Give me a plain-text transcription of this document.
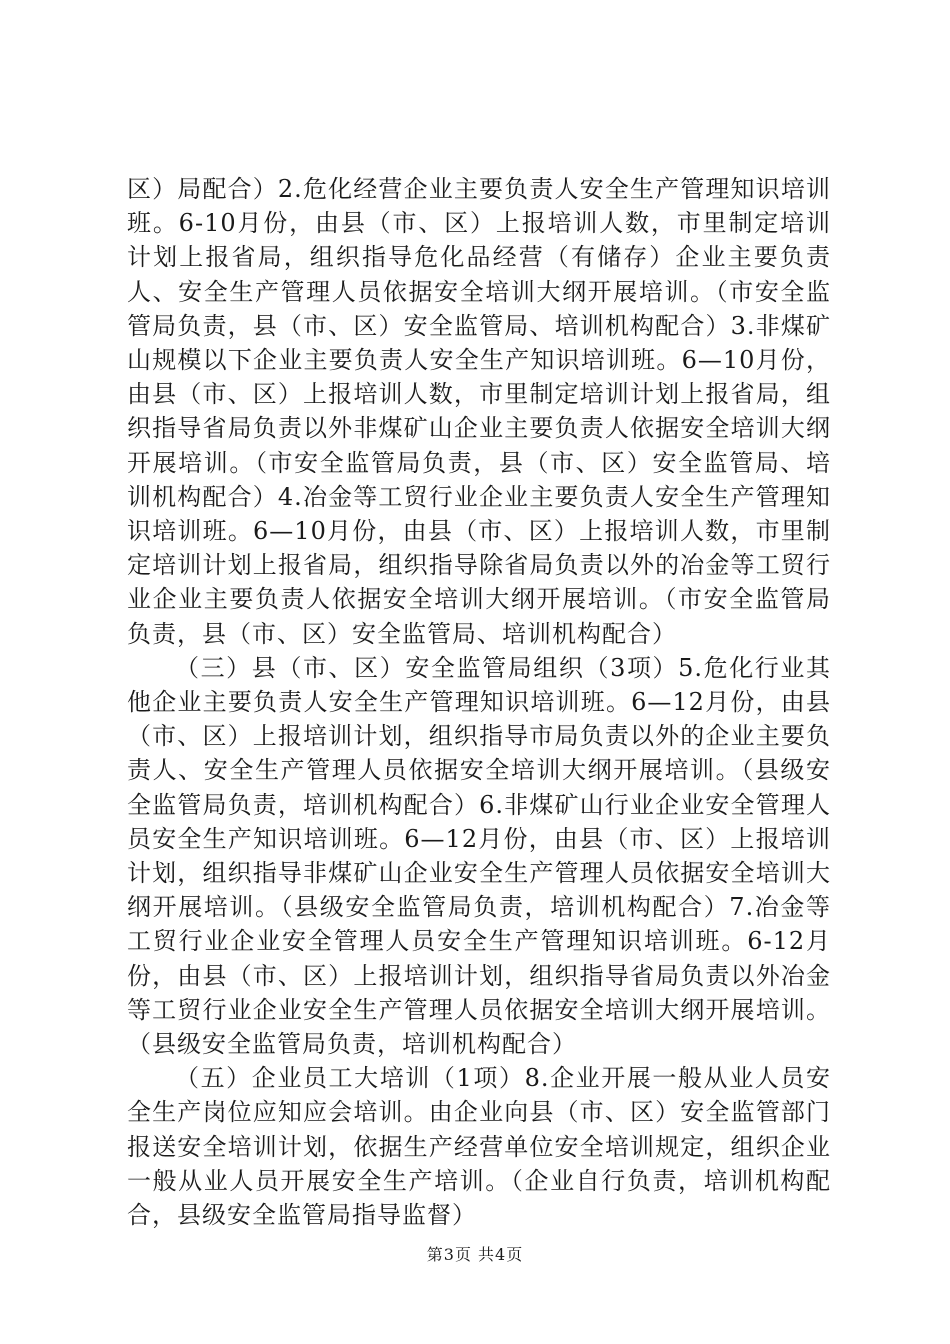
区）局配合）2.危化经营企业主要负责人安全生产管理知识培训班。6-10月份，由县（市、区）上报培训人数，市里制定培训计划上报省局，组织指导危化品经营（有储存）企业主要负责人、安全生产管理人员依据安全培训大纲开展培训。（市安全监管局负责，县（市、区）安全监管局、培训机构配合）3.非煤矿山规模以下企业主要负责人安全生产知识培训班。6—10月份，由县（市、区）上报培训人数，市里制定培训计划上报省局，组织指导省局负责以外非煤矿山企业主要负责人依据安全培训大纲开展培训。（市安全监管局负责，县（市、区）安全监管局、培训机构配合）4.冶金等工贸行业企业主要负责人安全生产管理知识培训班。6—10月份，由县（市、区）上报培训人数，市里制定培训计划上报省局，组织指导除省局负责以外的冶金等工贸行业企业主要负责人依据安全培训大纲开展培训。（市安全监管局负责，县（市、区）安全监管局、培训机构配合）

（三）县（市、区）安全监管局组织（3项）5.危化行业其他企业主要负责人安全生产管理知识培训班。6—12月份，由县（市、区）上报培训计划，组织指导市局负责以外的企业主要负责人、安全生产管理人员依据安全培训大纲开展培训。（县级安全监管局负责，培训机构配合）6.非煤矿山行业企业安全管理人员安全生产知识培训班。6—12月份，由县（市、区）上报培训计划，组织指导非煤矿山企业安全生产管理人员依据安全培训大纲开展培训。（县级安全监管局负责，培训机构配合）7.冶金等工贸行业企业安全管理人员安全生产管理知识培训班。6-12月份，由县（市、区）上报培训计划，组织指导省局负责以外冶金等工贸行业企业安全生产管理人员依据安全培训大纲开展培训。（县级安全监管局负责，培训机构配合）

（五）企业员工大培训（1项）8.企业开展一般从业人员安全生产岗位应知应会培训。由企业向县（市、区）安全监管部门报送安全培训计划，依据生产经营单位安全培训规定，组织企业一般从业人员开展安全生产培训。（企业自行负责，培训机构配合，县级安全监管局指导监督）

第3页 共4页
